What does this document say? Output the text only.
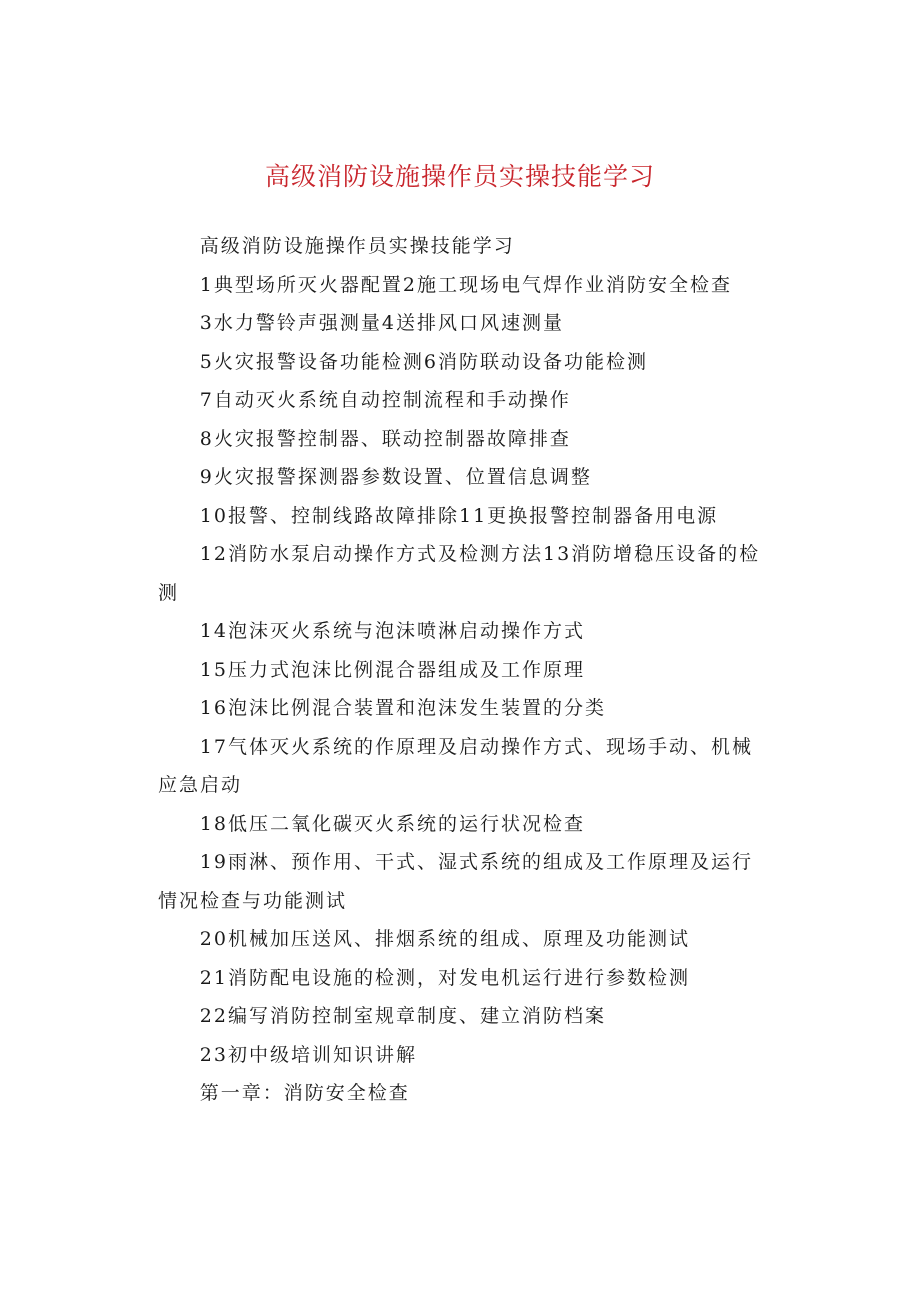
高级消防设施操作员实操技能学习

高级消防设施操作员实操技能学习

1典型场所灭火器配置2施工现场电气焊作业消防安全检查

3水力警铃声强测量4送排风口风速测量

5火灾报警设备功能检测6消防联动设备功能检测

7自动灭火系统自动控制流程和手动操作

8火灾报警控制器、联动控制器故障排查

9火灾报警探测器参数设置、位置信息调整

10报警、控制线路故障排除11更换报警控制器备用电源

12消防水泵启动操作方式及检测方法13消防增稳压设备的检测

14泡沫灭火系统与泡沫喷淋启动操作方式

15压力式泡沫比例混合器组成及工作原理

16泡沫比例混合装置和泡沫发生装置的分类

17气体灭火系统的作原理及启动操作方式、现场手动、机械应急启动

18低压二氧化碳灭火系统的运行状况检查

19雨淋、预作用、干式、湿式系统的组成及工作原理及运行情况检查与功能测试

20机械加压送风、排烟系统的组成、原理及功能测试

21消防配电设施的检测，对发电机运行进行参数检测

22编写消防控制室规章制度、建立消防档案

23初中级培训知识讲解

第一章：消防安全检查
